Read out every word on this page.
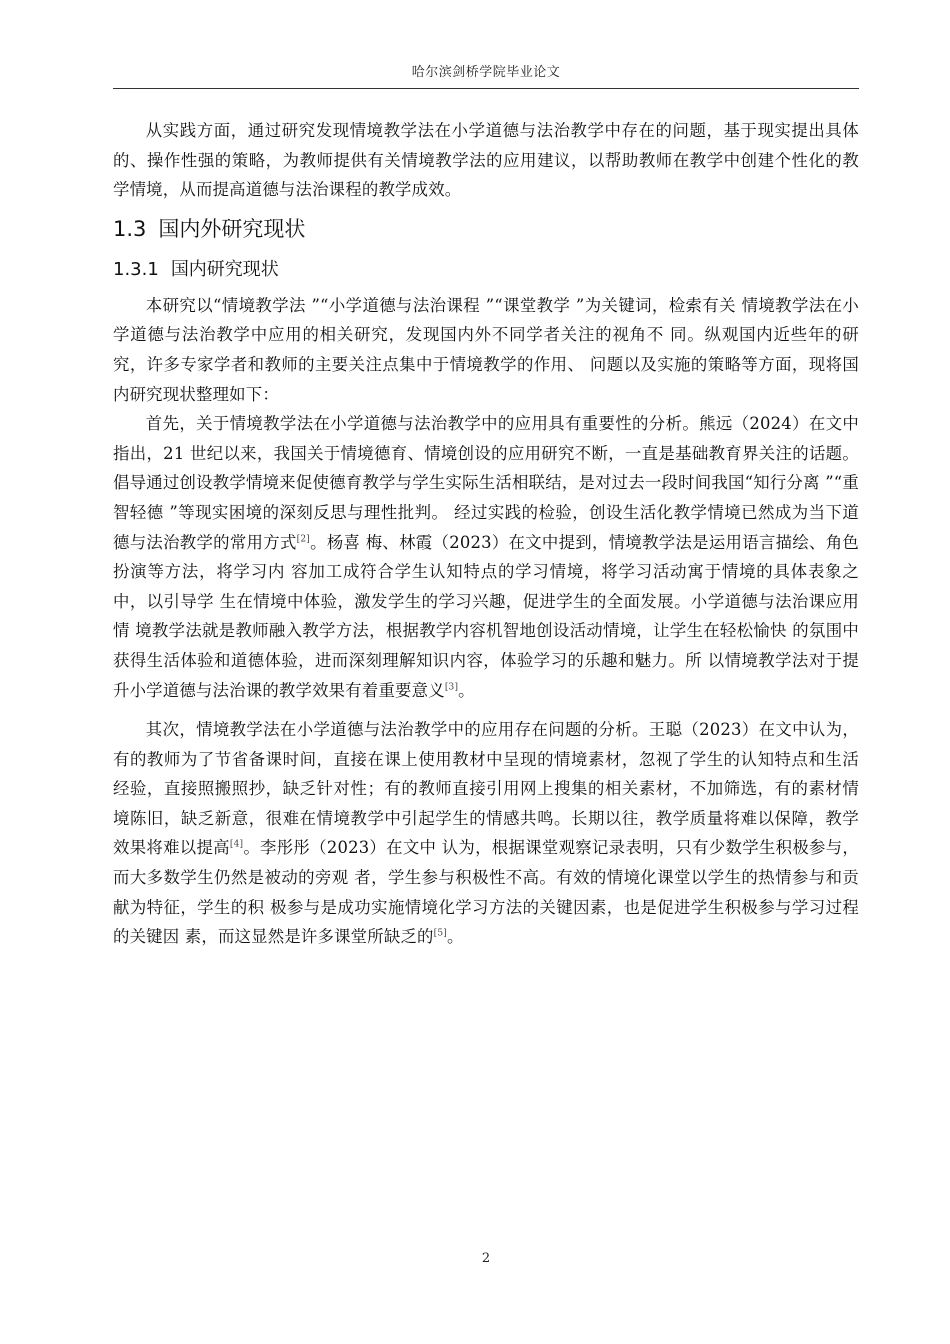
哈尔滨剑桥学院毕业论文

从实践方面，通过研究发现情境教学法在小学道德与法治教学中存在的问题，基于现实提出具体的、操作性强的策略，为教师提供有关情境教学法的应用建议，以帮助教师在教学中创建个性化的教学情境，从而提高道德与法治课程的教学成效。

1.3 国内外研究现状
1.3.1 国内研究现状

本研究以“情境教学法 ”“小学道德与法治课程 ”“课堂教学 ”为关键词，检索有关 情境教学法在小学道德与法治教学中应用的相关研究，发现国内外不同学者关注的视角不 同。纵观国内近些年的研究，许多专家学者和教师的主要关注点集中于情境教学的作用、 问题以及实施的策略等方面，现将国内研究现状整理如下：

首先，关于情境教学法在小学道德与法治教学中的应用具有重要性的分析。熊远（2024）在文中指出，21 世纪以来，我国关于情境德育、情境创设的应用研究不断，一直是基础教育界关注的话题。倡导通过创设教学情境来促使德育教学与学生实际生活相联结，是对过去一段时间我国“知行分离 ”“重智轻德 ”等现实困境的深刻反思与理性批判。 经过实践的检验，创设生活化教学情境已然成为当下道德与法治教学的常用方式[2]。杨喜 梅、林霞（2023）在文中提到，情境教学法是运用语言描绘、角色扮演等方法，将学习内 容加工成符合学生认知特点的学习情境，将学习活动寓于情境的具体表象之中，以引导学 生在情境中体验，激发学生的学习兴趣，促进学生的全面发展。小学道德与法治课应用情 境教学法就是教师融入教学方法，根据教学内容机智地创设活动情境，让学生在轻松愉快 的氛围中获得生活体验和道德体验，进而深刻理解知识内容，体验学习的乐趣和魅力。所 以情境教学法对于提升小学道德与法治课的教学效果有着重要意义[3]。

其次，情境教学法在小学道德与法治教学中的应用存在问题的分析。王聪（2023）在文中认为，有的教师为了节省备课时间，直接在课上使用教材中呈现的情境素材，忽视了学生的认知特点和生活经验，直接照搬照抄，缺乏针对性；有的教师直接引用网上搜集的相关素材，不加筛选，有的素材情境陈旧，缺乏新意，很难在情境教学中引起学生的情感共鸣。长期以往，教学质量将难以保障，教学效果将难以提高[4]。李彤彤（2023）在文中 认为，根据课堂观察记录表明，只有少数学生积极参与，而大多数学生仍然是被动的旁观 者，学生参与积极性不高。有效的情境化课堂以学生的热情参与和贡献为特征，学生的积 极参与是成功实施情境化学习方法的关键因素，也是促进学生积极参与学习过程的关键因 素，而这显然是许多课堂所缺乏的[5]。

2
